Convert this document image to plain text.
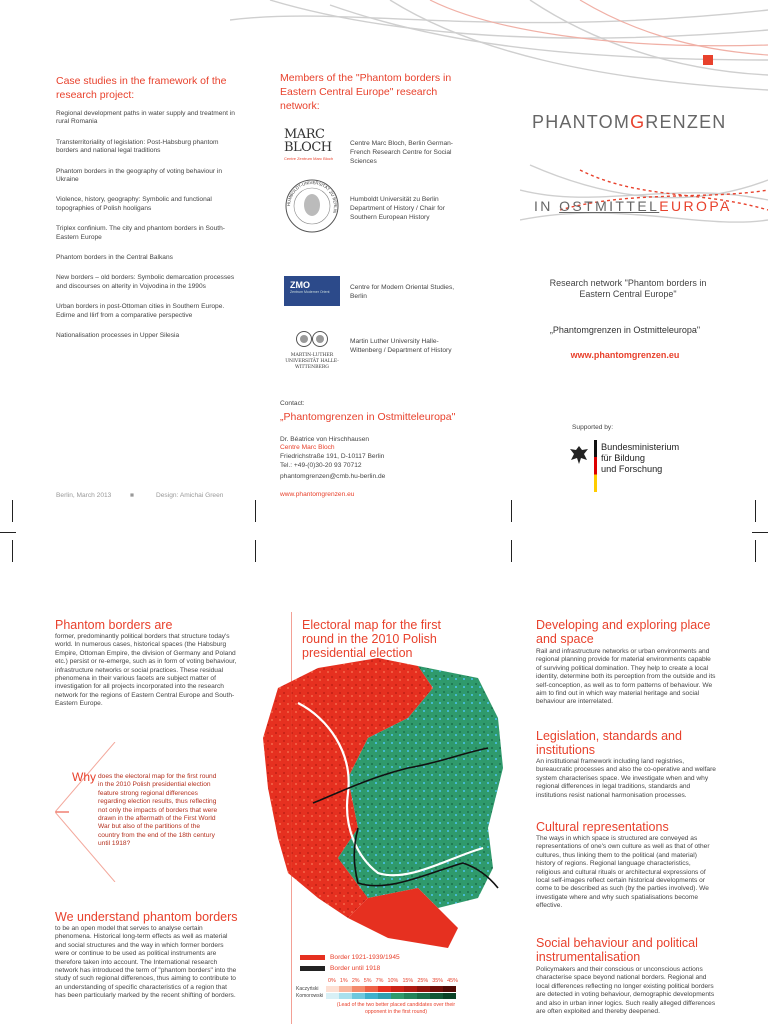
Case studies in the framework of the research project:

Regional development paths in water supply and treatment in rural Romania

Transterritoriality of legislation: Post-Habsburg phantom borders and national legal traditions

Phantom borders in the geography of voting behaviour in Ukraine

Violence, history, geography: Symbolic and functional topographies of Polish hooligans

Triplex confinium. The city and phantom borders in South-Eastern Europe

Phantom borders in the Central Balkans

New borders – old borders: Symbolic demarcation processes and discourses on alterity in Vojvodina in the 1990s

Urban borders in post-Ottoman cities in Southern Europe. Edirne and Ilirf from a comparative perspective

Nationalisation processes in Upper Silesia

Berlin, March 2013	■	Design: Amichai Green
Members of the "Phantom borders in Eastern Central Europe" research network:
MARC BLOCH
Centre Zentrum Marc Bloch
Centre Marc Bloch, Berlin German-French Research Centre for Social Sciences
HUMBOLDT-UNIVERSITÄT ZU BERLIN
Humboldt Universität zu Berlin Department of History / Chair for Southern European History
ZMO
Zentrum Moderner Orient
Centre for Modern Oriental Studies, Berlin
MARTIN-LUTHER UNIVERSITÄT HALLE-WITTENBERG
Martin Luther University Halle-Wittenberg / Department of History
Contact:
„Phantomgrenzen in Ostmitteleuropa"
Dr. Béatrice von Hirschhausen
Centre Marc Bloch
Friedrichstraße 191, D-10117 Berlin
Tel.: +49-(0)30-20 93 70712
phantomgrenzen@cmb.hu-berlin.de
www.phantomgrenzen.eu
PHANTOMGRENZEN
IN OSTMITTELEUROPA
Research network "Phantom borders in Eastern Central Europe"
„Phantomgrenzen in Ostmitteleuropa"
www.phantomgrenzen.eu
Supported by:
Bundesministerium
für Bildung
und Forschung
Phantom borders are
former, predominantly political borders that structure today's world. In numerous cases, historical spaces (the Habsburg Empire, Ottoman Empire, the division of Germany and Poland etc.) persist or re-emerge, such as in form of voting behaviour, infrastructure networks or social practices. These residual phenomena in their various facets are subject matter of investigation for all projects incorporated into the research network for the regions of Eastern Central Europe and South-Eastern Europe.
Why does the electoral map for the first round in the 2010 Polish presidential election feature strong regional differences regarding election results, thus reflecting not only the impacts of borders that were drawn in the aftermath of the First World War but also of the partitions of the country from the end of the 18th century until 1918?
We understand phantom borders
to be an open model that serves to analyse certain phenomena. Historical long-term effects as well as material and social structures and the way in which former borders were or continue to be used as political instruments are therefore taken into account. The International research network has introduced the term of "phantom borders" into the study of such regional differences, thus aiming to contribute to an understanding of specific characteristics of a region that has been particularly marked by the recent shifting of borders.
Electoral map for the first round in the 2010 Polish presidential election
Border 1921-1939/1945
Border until 1918
0% 1% 2% 5% 7% 10% 15% 25% 35% 45%
Kaczyński
Komorowski
(Lead of the two better placed candidates over their opponent in the first round)
Developing and exploring place and space
Rail and infrastructure networks or urban environments and regional planning provide for material environments capable of surviving political domination. They help to create a local identity, determine both its perception from the outside and its self-conception, as well as to form patterns of behaviour. We aim to find out in which way material heritage and social behaviour are interrelated.
Legislation, standards and institutions
An institutional framework including land registries, bureaucratic processes and also the co-operative and welfare system characterises space. We investigate when and why regional differences in legal traditions, standards and institutions resist national harmonisation processes.
Cultural representations
The ways in which space is structured are conveyed as representations of one's own culture as well as that of other cultures, thus linking them to the political (and material) history of regions. Regional language characteristics, religious and cultural rituals or architectural expressions of local self-images reflect certain historical developments or come to be described as such (by the parties involved). We investigate where and why such spatialisations become effective.
Social behaviour and political instrumentalisation
Policymakers and their conscious or unconscious actions characterise space beyond national borders. Regional and local differences reflecting no longer existing political borders are detected in voting behaviour, demographic developments and also in urban inner logics. Such really alleged differences are often exploited and thereby deepened.
